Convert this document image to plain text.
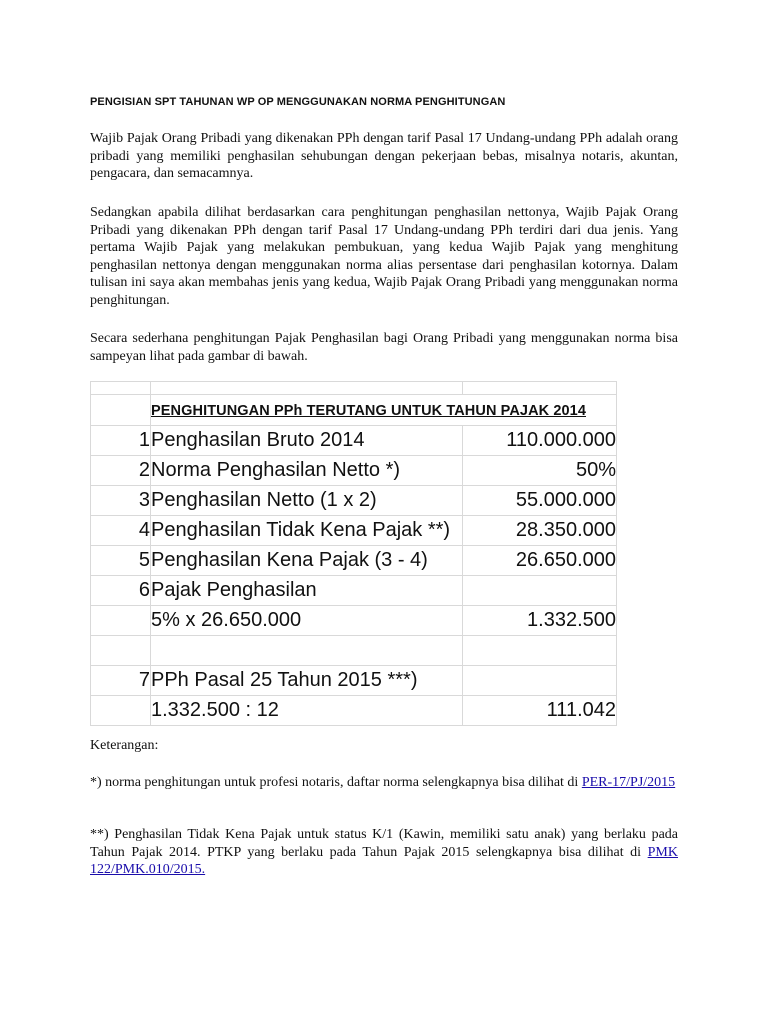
PENGISIAN SPT TAHUNAN WP OP MENGGUNAKAN NORMA PENGHITUNGAN

Wajib Pajak Orang Pribadi yang dikenakan PPh dengan tarif Pasal 17 Undang-undang PPh adalah orang pribadi yang memiliki penghasilan sehubungan dengan pekerjaan bebas, misalnya notaris, akuntan, pengacara, dan semacamnya.

Sedangkan apabila dilihat berdasarkan cara penghitungan penghasilan nettonya, Wajib Pajak Orang Pribadi yang dikenakan PPh dengan tarif Pasal 17 Undang-undang PPh terdiri dari dua jenis. Yang pertama Wajib Pajak yang melakukan pembukuan, yang kedua Wajib Pajak yang menghitung penghasilan nettonya dengan menggunakan norma alias persentase dari penghasilan kotornya. Dalam tulisan ini saya akan membahas jenis yang kedua, Wajib Pajak Orang Pribadi yang menggunakan norma penghitungan.

Secara sederhana penghitungan Pajak Penghasilan bagi Orang Pribadi yang menggunakan norma bisa sampeyan lihat pada gambar di bawah.

	PENGHITUNGAN PPh TERUTANG UNTUK TAHUN PAJAK 2014	
1	Penghasilan Bruto 2014	110.000.000
2	Norma Penghasilan Netto *)	50%
3	Penghasilan Netto (1 x 2)	55.000.000
4	Penghasilan Tidak Kena Pajak **)	28.350.000
5	Penghasilan Kena Pajak (3 - 4)	26.650.000
6	Pajak Penghasilan	
	5% x 26.650.000	1.332.500

7	PPh Pasal 25 Tahun 2015 ***)	
	1.332.500 : 12	111.042

Keterangan:

*) norma penghitungan untuk profesi notaris, daftar norma selengkapnya bisa dilihat di PER-17/PJ/2015

**) Penghasilan Tidak Kena Pajak untuk status K/1 (Kawin, memiliki satu anak) yang berlaku pada Tahun Pajak 2014. PTKP yang berlaku pada Tahun Pajak 2015 selengkapnya bisa dilihat di PMK 122/PMK.010/2015.
